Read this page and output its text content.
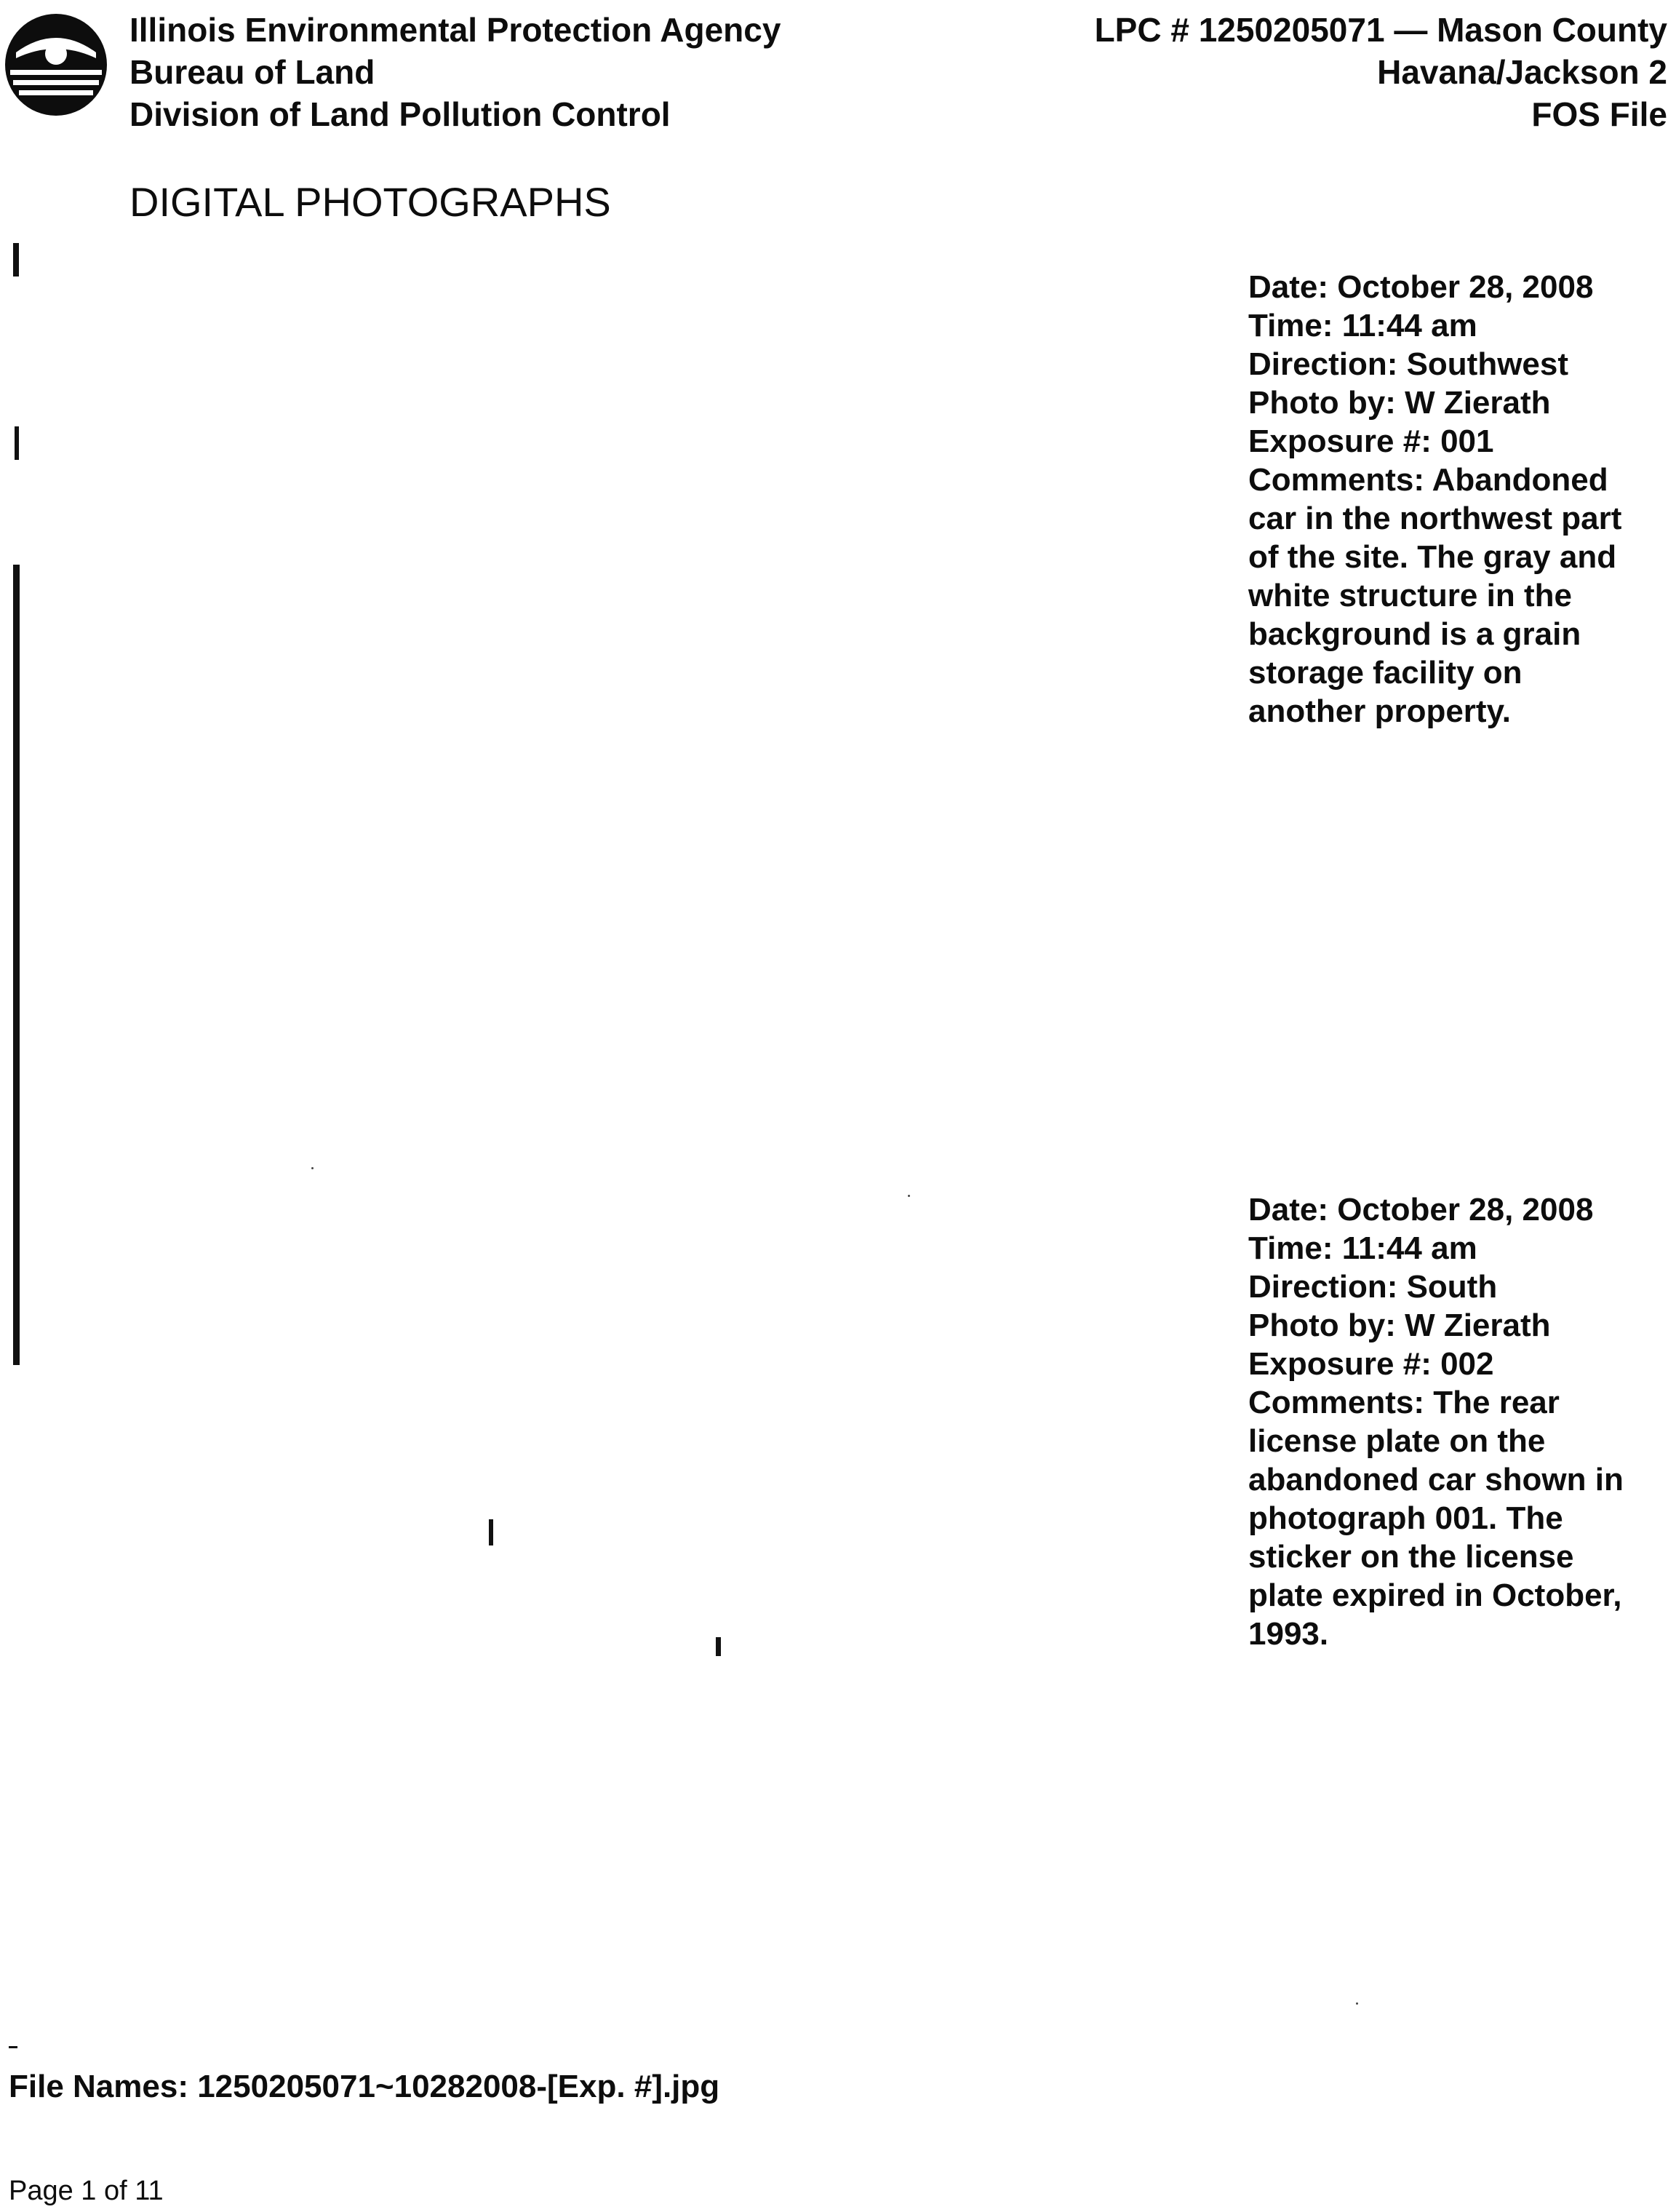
Illinois Environmental Protection Agency
Bureau of Land
Division of Land Pollution Control
LPC # 1250205071 — Mason County
Havana/Jackson 2
FOS File
DIGITAL PHOTOGRAPHS
Date: October 28, 2008
Time: 11:44 am
Direction: Southwest
Photo by: W Zierath
Exposure #: 001
Comments: Abandoned car in the northwest part of the site. The gray and white structure in the background is a grain storage facility on another property.
Date: October 28, 2008
Time: 11:44 am
Direction: South
Photo by: W Zierath
Exposure #: 002
Comments: The rear license plate on the abandoned car shown in photograph 001. The sticker on the license plate expired in October, 1993.
File Names: 1250205071~10282008-[Exp. #].jpg
Page 1 of 11
